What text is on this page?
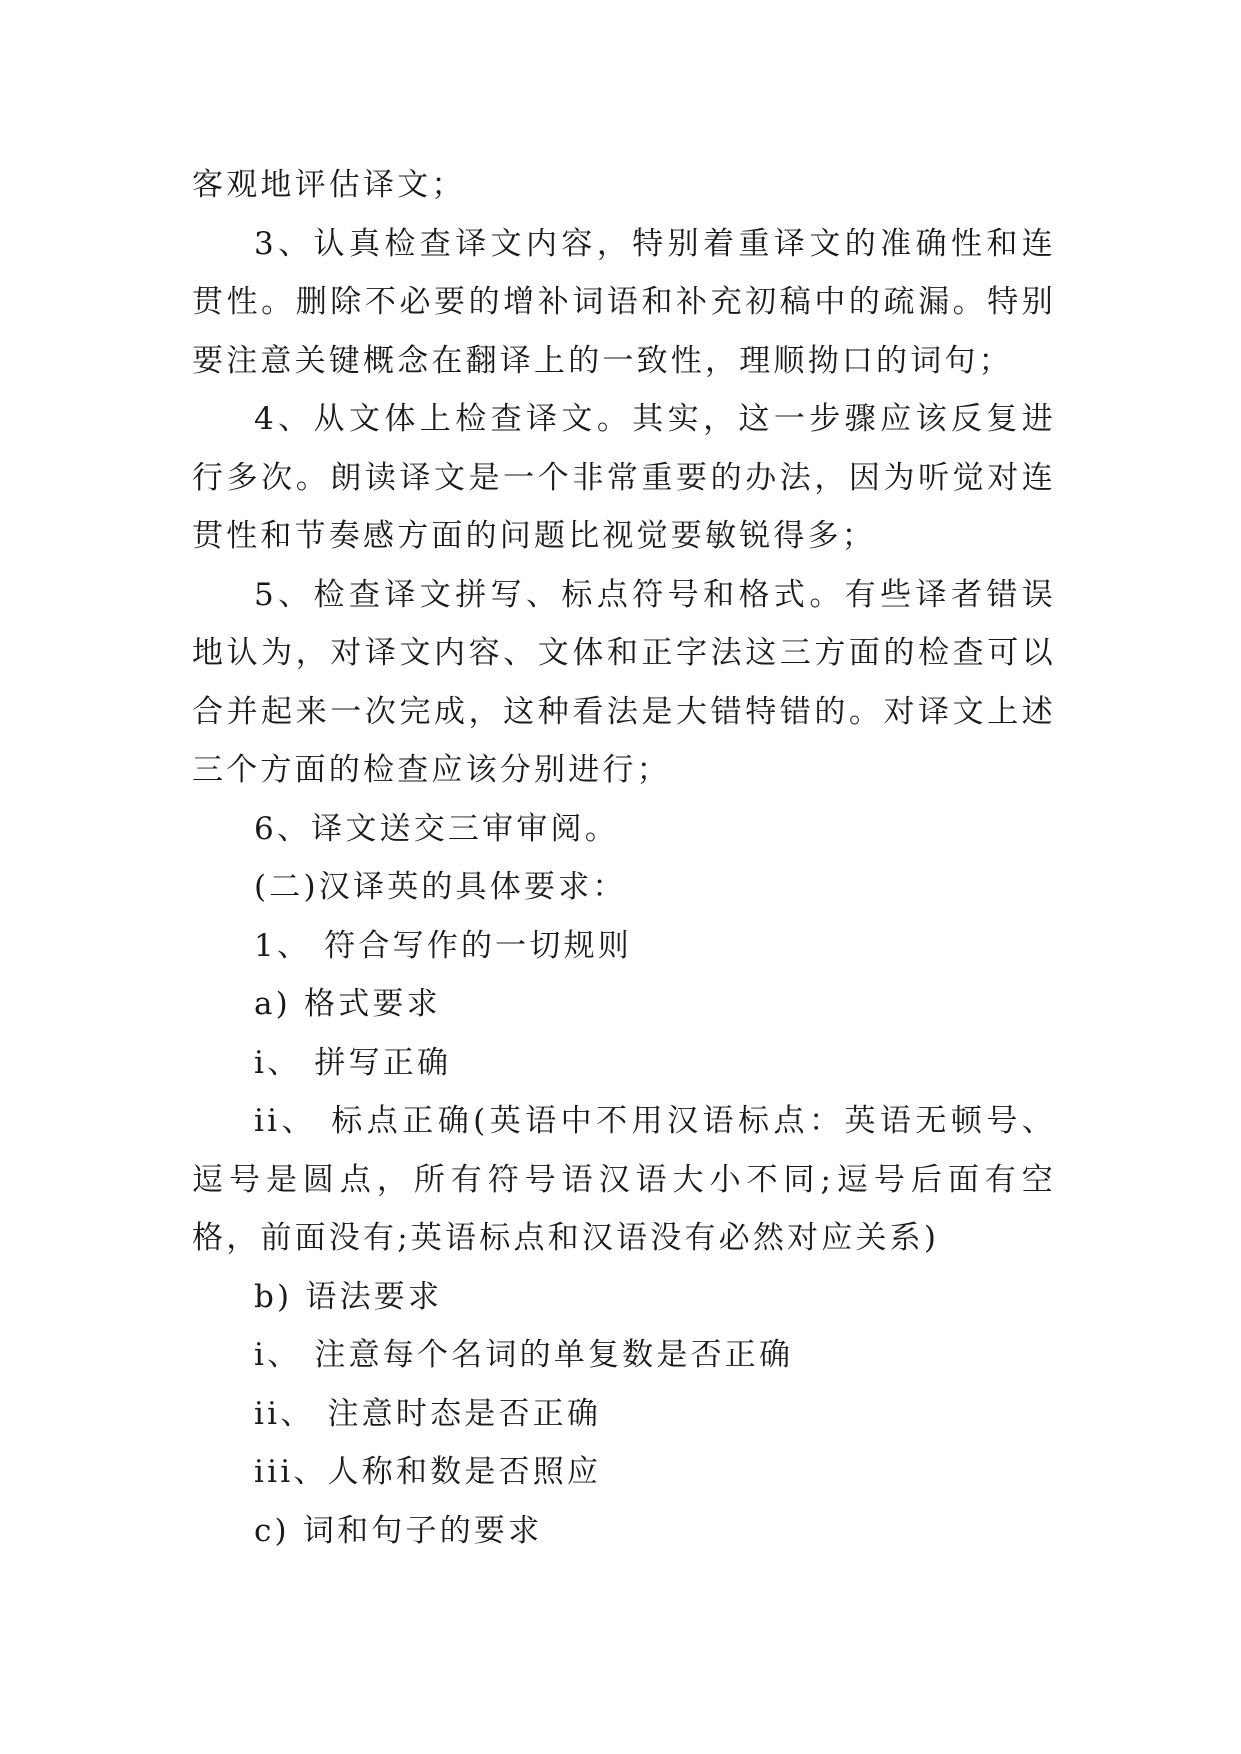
客观地评估译文；

3、认真检查译文内容，特别着重译文的准确性和连贯性。删除不必要的增补词语和补充初稿中的疏漏。特别要注意关键概念在翻译上的一致性，理顺拗口的词句；

4、从文体上检查译文。其实，这一步骤应该反复进行多次。朗读译文是一个非常重要的办法，因为听觉对连贯性和节奏感方面的问题比视觉要敏锐得多；

5、检查译文拼写、标点符号和格式。有些译者错误地认为，对译文内容、文体和正字法这三方面的检查可以合并起来一次完成，这种看法是大错特错的。对译文上述三个方面的检查应该分别进行；

6、译文送交三审审阅。

(二)汉译英的具体要求：

1、 符合写作的一切规则

a) 格式要求

i、 拼写正确

ii、 标点正确(英语中不用汉语标点：英语无顿号、逗号是圆点，所有符号语汉语大小不同;逗号后面有空格，前面没有;英语标点和汉语没有必然对应关系)

b) 语法要求

i、 注意每个名词的单复数是否正确

ii、 注意时态是否正确

iii、人称和数是否照应

c) 词和句子的要求
